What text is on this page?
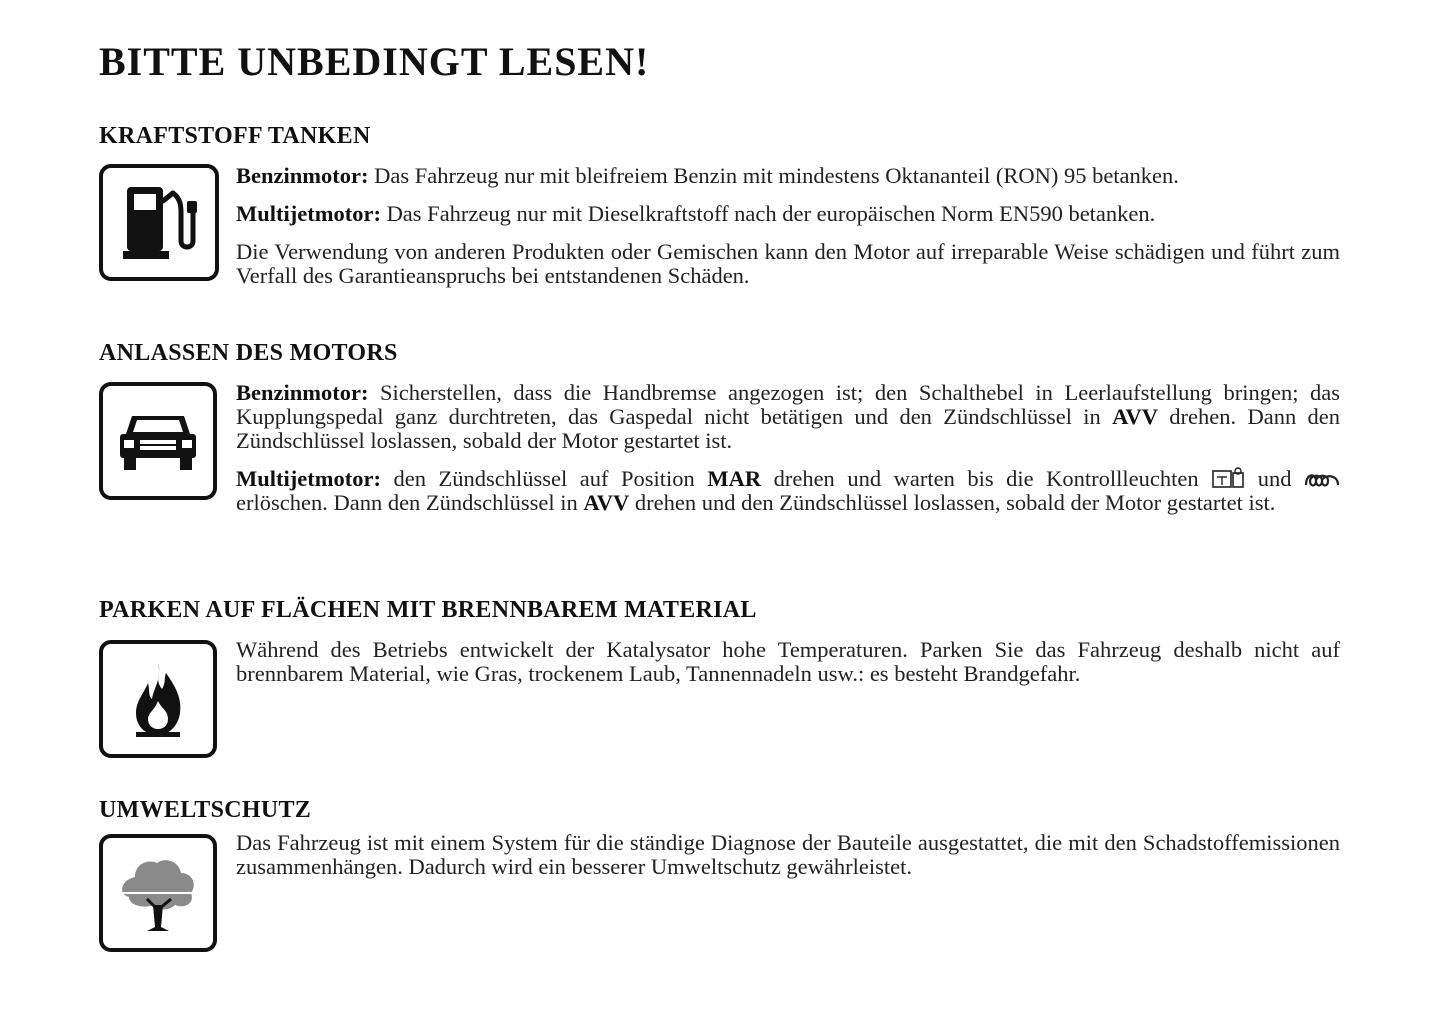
BITTE UNBEDINGT LESEN!
KRAFTSTOFF TANKEN

Benzinmotor: Das Fahrzeug nur mit bleifreiem Benzin mit mindestens Oktananteil (RON) 95 betanken.

Multijetmotor: Das Fahrzeug nur mit Dieselkraftstoff nach der europäischen Norm EN590 betanken.

Die Verwendung von anderen Produkten oder Gemischen kann den Motor auf irreparable Weise schädigen und führt zum Verfall des Garantieanspruchs bei entstandenen Schäden.

ANLASSEN DES MOTORS

Benzinmotor: Sicherstellen, dass die Handbremse angezogen ist; den Schalthebel in Leerlaufstellung bringen; das Kupplungspedal ganz durchtreten, das Gaspedal nicht betätigen und den Zündschlüssel in AVV drehen. Dann den Zündschlüssel loslassen, sobald der Motor gestartet ist.

Multijetmotor: den Zündschlüssel auf Position MAR drehen und warten bis die Kontrollleuchten  und  erlöschen. Dann den Zündschlüssel in AVV drehen und den Zündschlüssel loslassen, sobald der Motor gestartet ist.

PARKEN AUF FLÄCHEN MIT BRENNBAREM MATERIAL

Während des Betriebs entwickelt der Katalysator hohe Temperaturen. Parken Sie das Fahrzeug deshalb nicht auf brennbarem Material, wie Gras, trockenem Laub, Tannennadeln usw.: es besteht Brandgefahr.

UMWELTSCHUTZ

Das Fahrzeug ist mit einem System für die ständige Diagnose der Bauteile ausgestattet, die mit den Schadstoffemissionen zusammenhängen. Dadurch wird ein besserer Umweltschutz gewährleistet.
